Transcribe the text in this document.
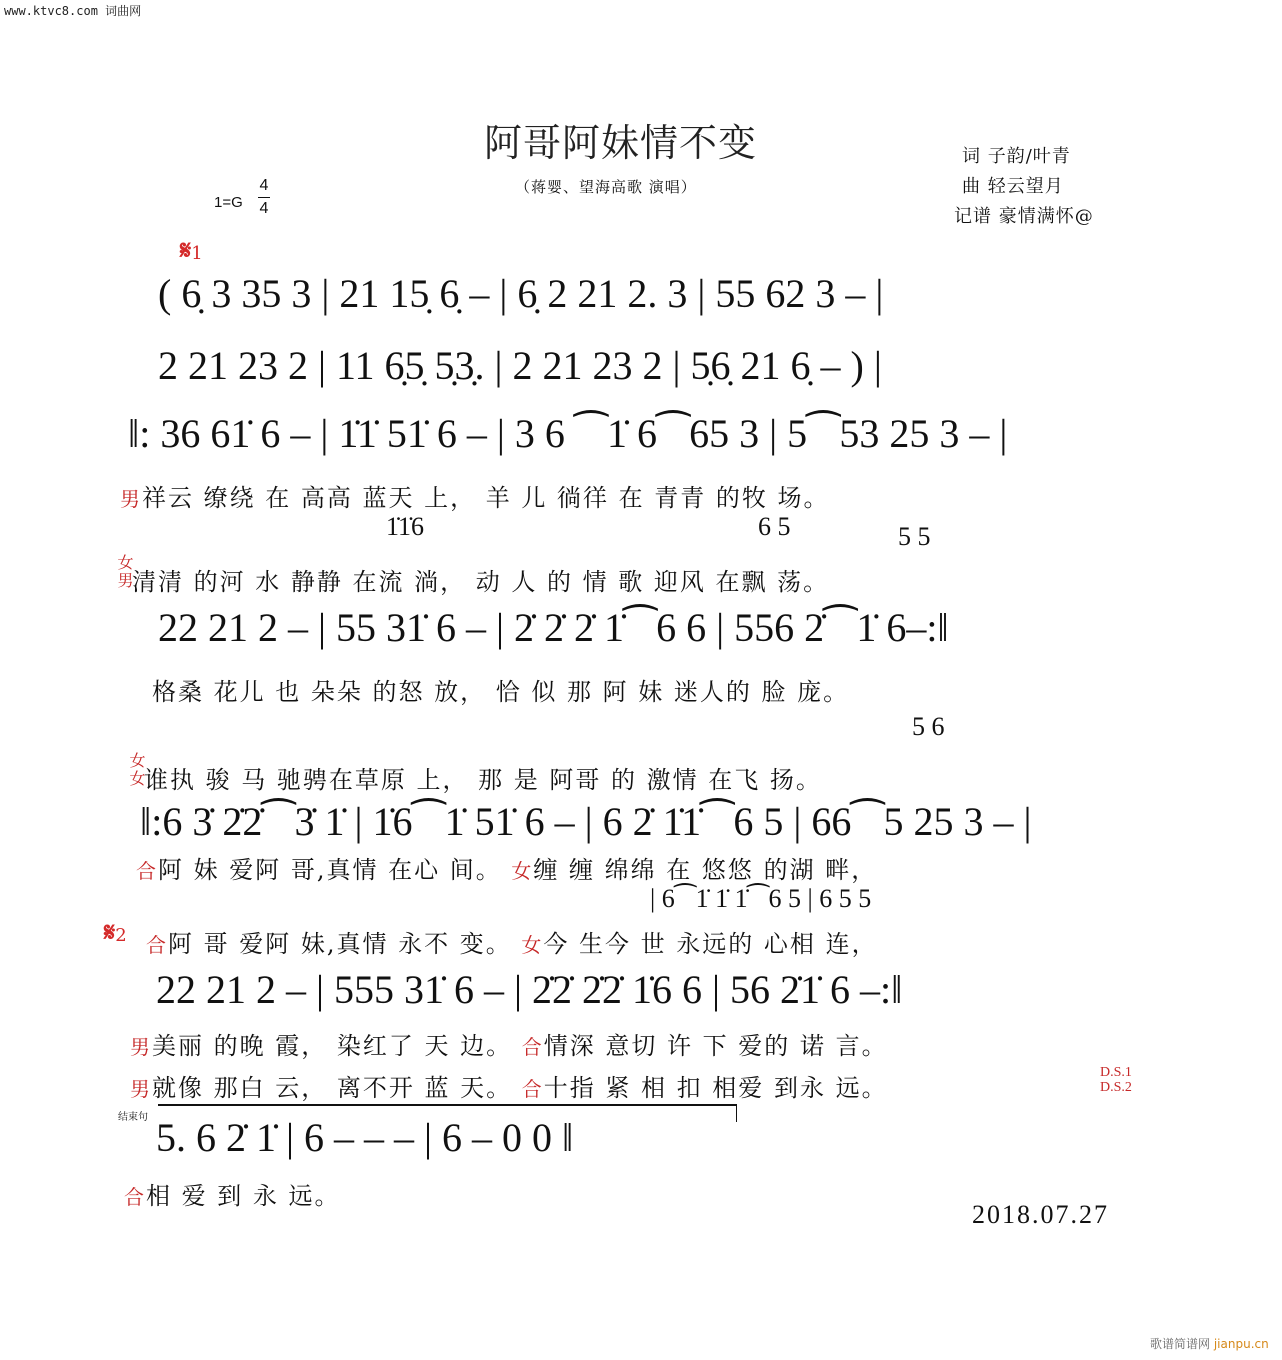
www.ktvc8.com 词曲网
阿哥阿妹情不变
（蒋婴、望海高歌 演唱）
词 子韵/叶青
曲 轻云望月
记谱 豪情满怀@
1=G
4
4
𝄋1
( 6̣ 3 35 3 | 21 15̣ 6̣ – | 6̣ 2 21 2. 3 | 55 62 3 – |
2 21 23 2 | 11 6̣5̣ 5̣3̣. | 2 21 23 2 | 5̣6̣ 21 6̣ – ) |
‖: 36 61̇ 6 – | 1̇1̇ 51̇ 6 – | 3 6 ⁀1̇ 6⁀65 3 | 5⁀53 25 3 – |
男祥云 缭绕 在 高高 蓝天 上， 羊 儿 徜徉 在 青青 的牧 场。
1̇1̇6	6 5	5 5
女男清清 的河 水 静静 在流 淌， 动 人 的 情 歌 迎风 在飘 荡。
22 21 2 – | 55 31̇ 6 – | 2̇ 2̇ 2̇ 1̇⁀6 6 | 556 2̇⁀1̇ 6–:‖
格桑 花儿 也 朵朵 的怒 放， 恰 似 那 阿 妹 迷人的 脸 庞。
5 6
女女谁执 骏 马 驰骋在草原 上， 那 是 阿哥 的 激情 在飞 扬。
‖:6 3̇ 2̇2̇⁀3̇ 1̇ | 1̇6⁀1̇ 51̇ 6 – | 6 2̇ 1̇1̇⁀6 5 | 66⁀5 25 3 – |
合阿 妹 爱阿 哥,真情 在心 间。 女缠 缠 绵绵 在 悠悠 的湖 畔，
| 6⁀1̇ 1̇ 1̇⁀6 5 | 6 5 5
𝄋2 合阿 哥 爱阿 妹,真情 永不 变。 女今 生今 世 永远的 心相 连，
22 21 2 – | 555 31̇ 6 – | 2̇2̇ 2̇2̇ 1̇6 6 | 56 2̇1̇ 6 –:‖
男美丽 的晚 霞， 染红了 天 边。 合情深 意切 许 下 爱的 诺 言。
男就像 那白 云， 离不开 蓝 天。 合十指 紧 相 扣 相爱 到永 远。
D.S.1
D.S.2
结束句 5. 6 2̇ 1̇ | 6 – – – | 6 – 0 0 ‖
合相 爱 到 永 远。
2018.07.27
歌谱简谱网 jianpu.cn
